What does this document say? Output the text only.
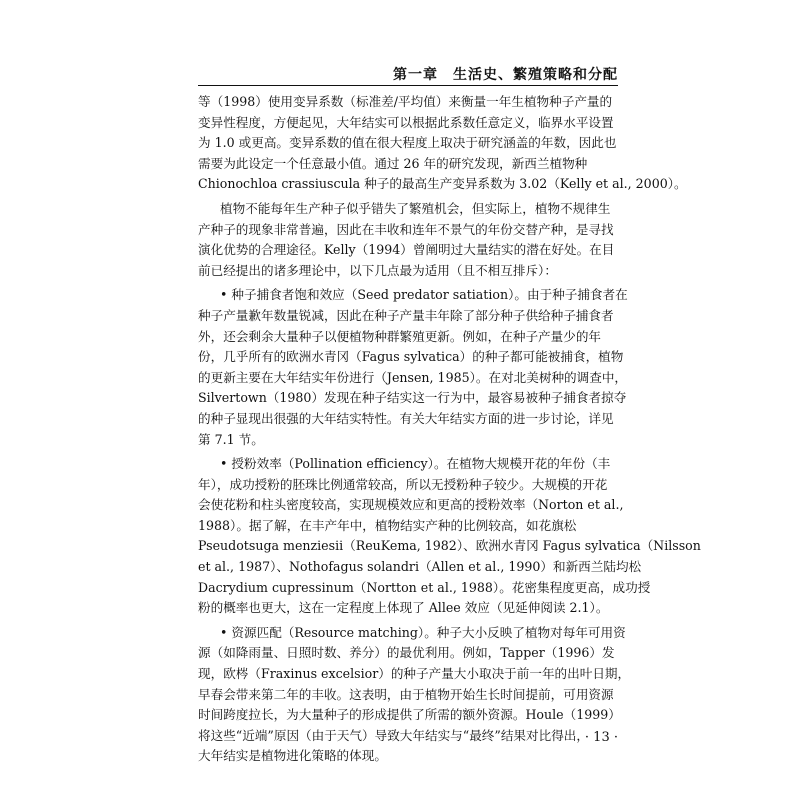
第一章　生活史、繁殖策略和分配
等（1998）使用变异系数（标准差/平均值）来衡量一年生植物种子产量的
变异性程度，方便起见，大年结实可以根据此系数任意定义，临界水平设置
为 1.0 或更高。变异系数的值在很大程度上取决于研究涵盖的年数，因此也
需要为此设定一个任意最小值。通过 26 年的研究发现，新西兰植物种
Chionochloa crassiuscula 种子的最高生产变异系数为 3.02（Kelly et al., 2000）。
植物不能每年生产种子似乎错失了繁殖机会，但实际上，植物不规律生
产种子的现象非常普遍，因此在丰收和连年不景气的年份交替产种，是寻找
演化优势的合理途径。Kelly（1994）曾阐明过大量结实的潜在好处。在目
前已经提出的诸多理论中，以下几点最为适用（且不相互排斥）：
• 种子捕食者饱和效应（Seed predator satiation）。由于种子捕食者在
种子产量歉年数量锐减，因此在种子产量丰年除了部分种子供给种子捕食者
外，还会剩余大量种子以便植物种群繁殖更新。例如，在种子产量少的年
份，几乎所有的欧洲水青冈（Fagus sylvatica）的种子都可能被捕食，植物
的更新主要在大年结实年份进行（Jensen, 1985）。在对北美树种的调查中，
Silvertown（1980）发现在种子结实这一行为中，最容易被种子捕食者掠夺
的种子显现出很强的大年结实特性。有关大年结实方面的进一步讨论，详见
第 7.1 节。
• 授粉效率（Pollination efficiency）。在植物大规模开花的年份（丰
年），成功授粉的胚珠比例通常较高，所以无授粉种子较少。大规模的开花
会使花粉和柱头密度较高，实现规模效应和更高的授粉效率（Norton et al.,
1988）。据了解，在丰产年中，植物结实产种的比例较高，如花旗松
Pseudotsuga menziesii（ReuKema, 1982）、欧洲水青冈 Fagus sylvatica（Nilsson
et al., 1987）、Nothofagus solandri（Allen et al., 1990）和新西兰陆均松
Dacrydium cupressinum（Nortton et al., 1988）。花密集程度更高，成功授
粉的概率也更大，这在一定程度上体现了 Allee 效应（见延伸阅读 2.1）。
• 资源匹配（Resource matching）。种子大小反映了植物对每年可用资
源（如降雨量、日照时数、养分）的最优利用。例如，Tapper（1996）发
现，欧梣（Fraxinus excelsior）的种子产量大小取决于前一年的出叶日期，
早春会带来第二年的丰收。这表明，由于植物开始生长时间提前，可用资源
时间跨度拉长，为大量种子的形成提供了所需的额外资源。Houle（1999）
将这些“近端”原因（由于天气）导致大年结实与“最终”结果对比得出，
大年结实是植物进化策略的体现。
· 13 ·
